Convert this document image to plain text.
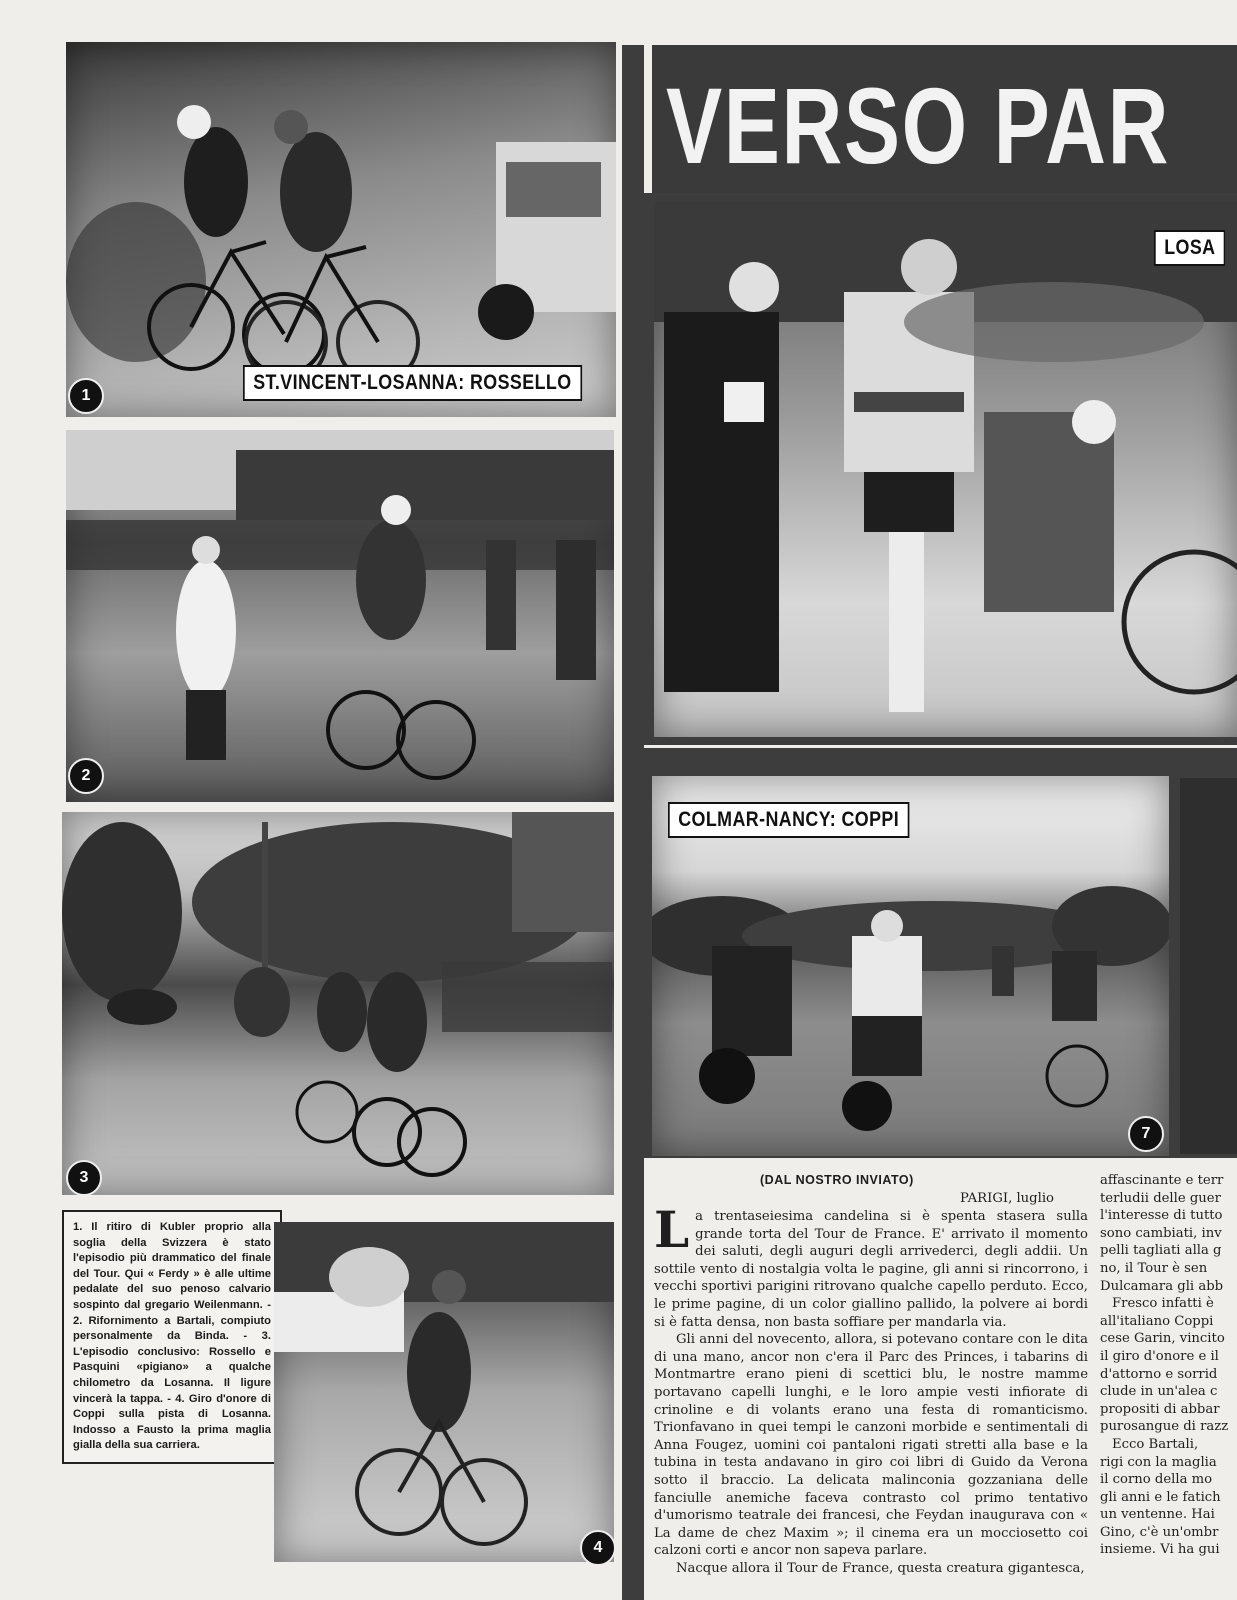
ST.VINCENT-LOSANNA: ROSSELLO
1
2
3
1. Il ritiro di Kubler proprio alla soglia della Svizzera è stato l'episodio più drammatico del finale del Tour. Qui « Ferdy » è alle ultime pedalate del suo penoso calvario sospinto dal gregario Weilenmann. - 2. Rifornimento a Bartali, compiuto personalmente da Binda. - 3. L'episodio conclusivo: Rossello e Pasquini «pigiano» a qualche chilometro da Losanna. Il ligure vincerà la tappa. - 4. Giro d'onore di Coppi sulla pista di Losanna. Indosso a Fausto la prima maglia gialla della sua carriera.
4
VERSO PAR
LOSA
COLMAR-NANCY: COPPI
7
(DAL NOSTRO INVIATO)
PARIGI, luglio

La trentaseiesima candelina si è spenta stasera sulla grande torta del Tour de France. E' arrivato il momento dei saluti, degli auguri degli arrivederci, degli addii. Un sottile vento di nostalgia volta le pagine, gli anni si rincorrono, i vecchi sportivi parigini ritrovano qualche capello perduto. Ecco, le prime pagine, di un color giallino pallido, la polvere ai bordi si è fatta densa, non basta soffiare per mandarla via.

Gli anni del novecento, allora, si potevano contare con le dita di una mano, ancor non c'era il Parc des Princes, i tabarins di Montmartre erano pieni di scettici blu, le nostre mamme portavano capelli lunghi, e le loro ampie vesti infiorate di crinoline e di volants erano una festa di romanticismo. Trionfavano in quei tempi le canzoni morbide e sentimentali di Anna Fougez, uomini coi pantaloni rigati stretti alla base e la tubina in testa andavano in giro coi libri di Guido da Verona sotto il braccio. La delicata malinconia gozzaniana delle fanciulle anemiche faceva contrasto col primo tentativo d'umorismo teatrale dei francesi, che Feydan inaugurava con « La dame de chez Maxim »; il cinema era un mocciosetto coi calzoni corti e ancor non sapeva parlare.

Nacque allora il Tour de France, questa creatura gigantesca,

affascinante e terr
terludii delle guer
l'interesse di tutto
sono cambiati, inv
pelli tagliati alla g
no, il Tour è sen
Dulcamara gli abb
Fresco infatti è
all'italiano Coppi
cese Garin, vincito
il giro d'onore e il
d'attorno e sorrid
clude in un'alea c
propositi di abbar
purosangue di razz
Ecco Bartali,
rigi con la maglia
il corno della mo
gli anni e le fatich
un ventenne. Hai
Gino, c'è un'ombr
insieme. Vi ha gui
